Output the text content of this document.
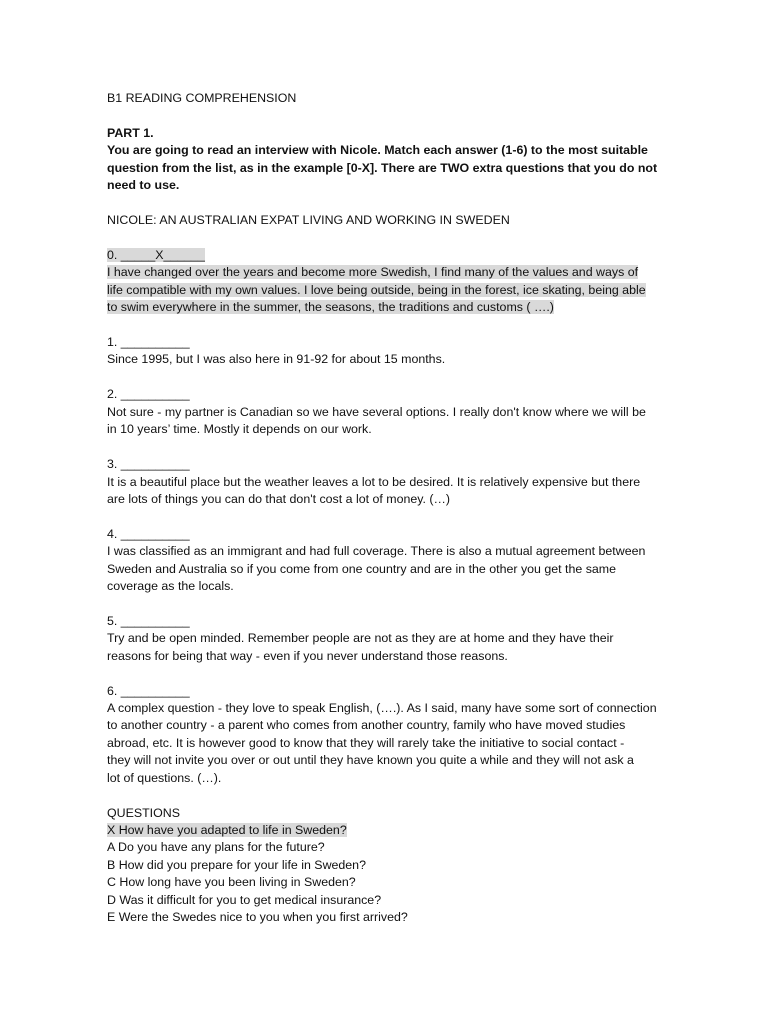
B1 READING COMPREHENSION
PART 1.
You are going to read an interview with Nicole. Match each answer (1-6) to the most suitable
question from the list, as in the example [0-X]. There are TWO extra questions that you do not
need to use.
NICOLE: AN AUSTRALIAN EXPAT LIVING AND WORKING IN SWEDEN
0. _____X______
I have changed over the years and become more Swedish, I find many of the values and ways of
life compatible with my own values. I love being outside, being in the forest, ice skating, being able
to swim everywhere in the summer, the seasons, the traditions and customs ( ….)
1. __________
Since 1995, but I was also here in 91-92 for about 15 months.
2. __________
Not sure - my partner is Canadian so we have several options. I really don't know where we will be
in 10 years’ time. Mostly it depends on our work.
3. __________
It is a beautiful place but the weather leaves a lot to be desired. It is relatively expensive but there
are lots of things you can do that don't cost a lot of money. (…)
4. __________
I was classified as an immigrant and had full coverage. There is also a mutual agreement between
Sweden and Australia so if you come from one country and are in the other you get the same
coverage as the locals.
5. __________
Try and be open minded. Remember people are not as they are at home and they have their
reasons for being that way - even if you never understand those reasons.
6. __________
A complex question - they love to speak English, (….). As I said, many have some sort of connection
to another country - a parent who comes from another country, family who have moved studies
abroad, etc. It is however good to know that they will rarely take the initiative to social contact -
they will not invite you over or out until they have known you quite a while and they will not ask a
lot of questions. (…).
QUESTIONS
X How have you adapted to life in Sweden?
A Do you have any plans for the future?
B How did you prepare for your life in Sweden?
C How long have you been living in Sweden?
D Was it difficult for you to get medical insurance?
E Were the Swedes nice to you when you first arrived?
